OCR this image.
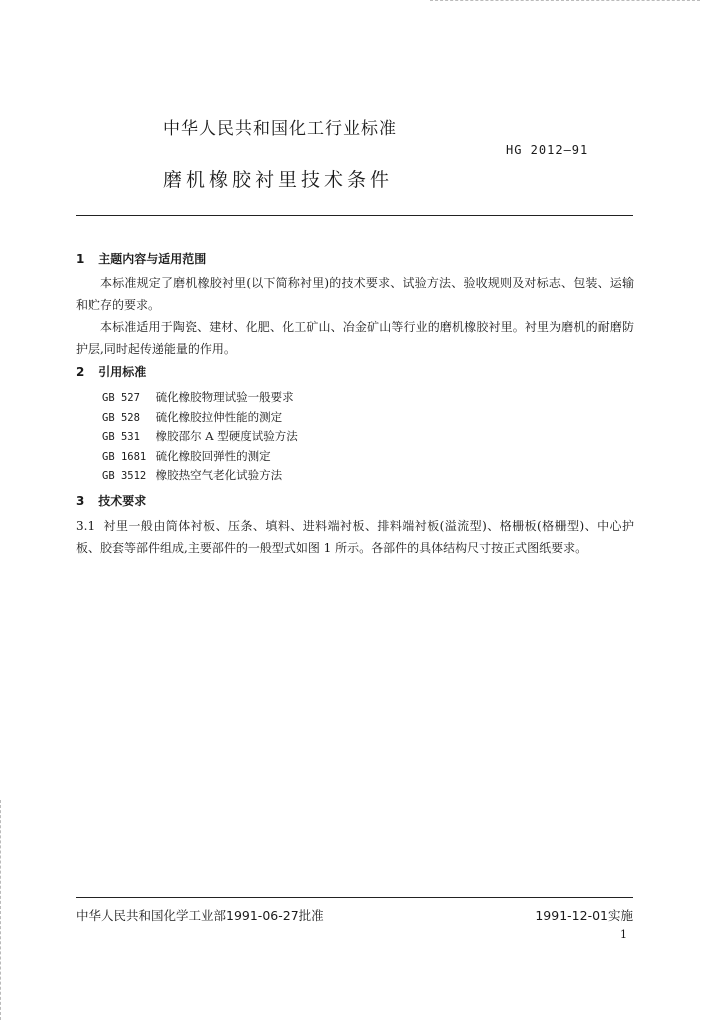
中华人民共和国化工行业标准
HG 2012—91
磨机橡胶衬里技术条件
1 主题内容与适用范围
本标准规定了磨机橡胶衬里(以下简称衬里)的技术要求、试验方法、验收规则及对标志、包装、运输和贮存的要求。
本标准适用于陶瓷、建材、化肥、化工矿山、冶金矿山等行业的磨机橡胶衬里。衬里为磨机的耐磨防护层,同时起传递能量的作用。
2 引用标准
GB 527 硫化橡胶物理试验一般要求
GB 528 硫化橡胶拉伸性能的测定
GB 531 橡胶邵尔 A 型硬度试验方法
GB 1681 硫化橡胶回弹性的测定
GB 3512 橡胶热空气老化试验方法
3 技术要求
3.1 衬里一般由筒体衬板、压条、填料、进料端衬板、排料端衬板(溢流型)、格栅板(格栅型)、中心护板、胶套等部件组成,主要部件的一般型式如图 1 所示。各部件的具体结构尺寸按正式图纸要求。
中华人民共和国化学工业部1991-06-27批准	1991-12-01实施
1
